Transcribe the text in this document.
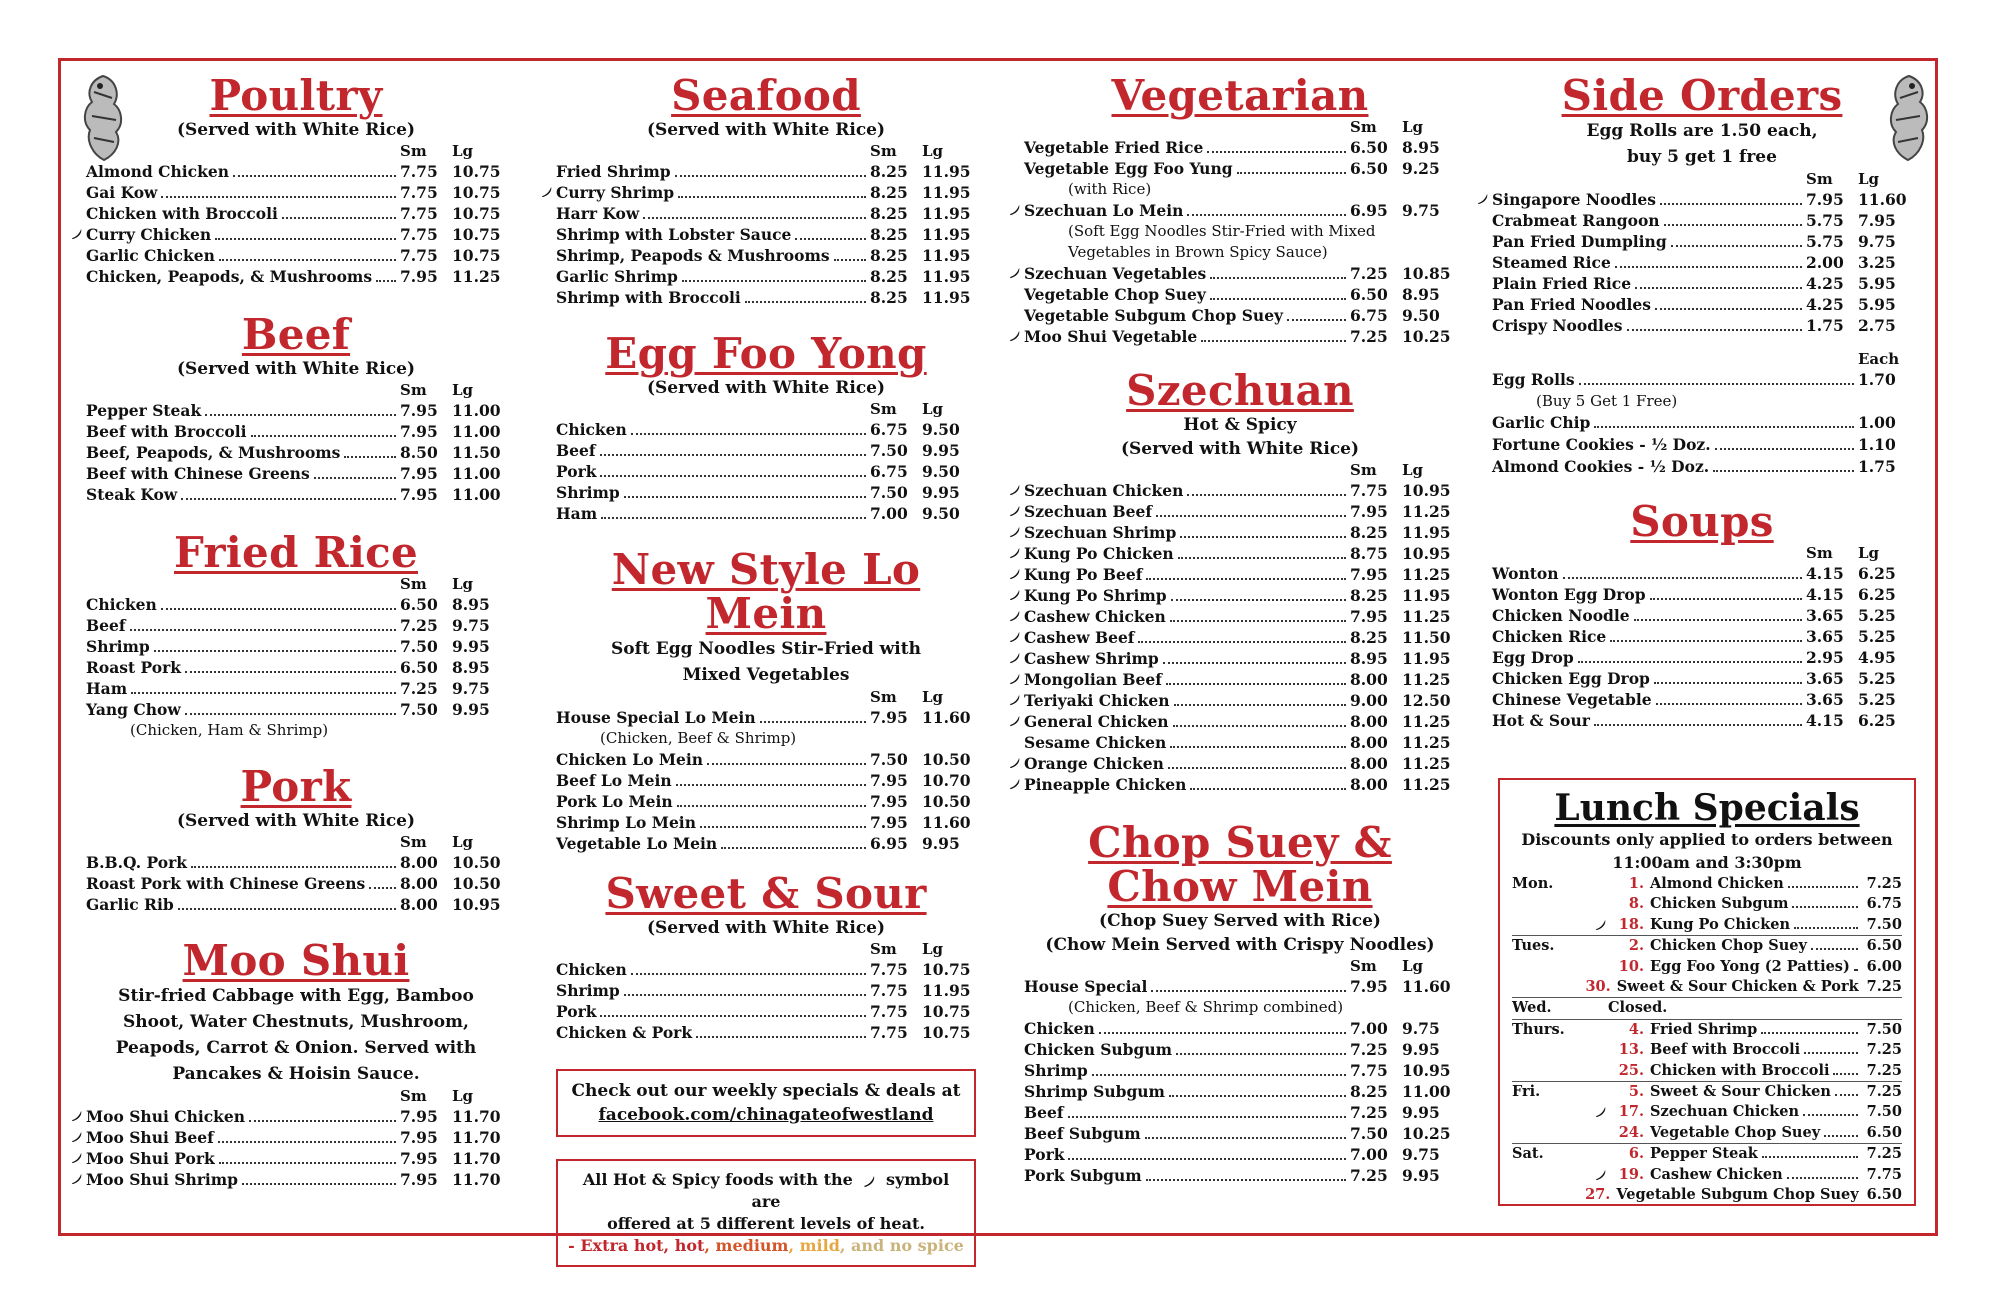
Poultry
(Served with White Rice)
Sm	Lg
Almond Chicken	7.75 10.75
Gai Kow	7.75 10.75
Chicken with Broccoli	7.75 10.75
Curry Chicken	7.75 10.75
Garlic Chicken	7.75 10.75
Chicken, Peapods, & Mushrooms 7.95 11.25
Beef
(Served with White Rice)
Sm	Lg
Pepper Steak	7.95 11.00
Beef with Broccoli	7.95 11.00
Beef, Peapods, & Mushrooms	8.50 11.50
Beef with Chinese Greens	7.95 11.00
Steak Kow	7.95 11.00
Fried Rice
Sm	Lg
Chicken	6.50 8.95
Beef	7.25 9.75
Shrimp	7.50 9.95
Roast Pork	6.50 8.95
Ham	7.25 9.75
Yang Chow	7.50 9.95
(Chicken, Ham & Shrimp)
Pork
(Served with White Rice)
Sm	Lg
B.B.Q. Pork	8.00 10.50
Roast Pork with Chinese Greens 8.00 10.50
Garlic Rib	8.00 10.95
Moo Shui
Stir-fried Cabbage with Egg, Bamboo Shoot, Water Chestnuts, Mushroom, Peapods, Carrot & Onion. Served with Pancakes & Hoisin Sauce.
Sm	Lg
Moo Shui Chicken	7.95 11.70
Moo Shui Beef	7.95 11.70
Moo Shui Pork	7.95 11.70
Moo Shui Shrimp	7.95 11.70
Seafood
(Served with White Rice)
Sm	Lg
Fried Shrimp	8.25 11.95
Curry Shrimp	8.25 11.95
Harr Kow	8.25 11.95
Shrimp with Lobster Sauce	8.25 11.95
Shrimp, Peapods & Mushrooms	8.25 11.95
Garlic Shrimp	8.25 11.95
Shrimp with Broccoli	8.25 11.95
Egg Foo Yong
(Served with White Rice)
Sm	Lg
Chicken	6.75 9.50
Beef	7.50 9.95
Pork	6.75 9.50
Shrimp	7.50 9.95
Ham	7.00 9.50
New Style Lo Mein
Soft Egg Noodles Stir-Fried with Mixed Vegetables
Sm	Lg
House Special Lo Mein	7.95 11.60
(Chicken, Beef & Shrimp)
Chicken Lo Mein	7.50 10.50
Beef Lo Mein	7.95 10.70
Pork Lo Mein	7.95 10.50
Shrimp Lo Mein	7.95 11.60
Vegetable Lo Mein	6.95 9.95
Sweet & Sour
(Served with White Rice)
Sm	Lg
Chicken	7.75 10.75
Shrimp	7.75 11.95
Pork	7.75 10.75
Chicken & Pork	7.75 10.75
Check out our weekly specials & deals at
facebook.com/chinagateofwestland
All Hot & Spicy foods with the symbol are
offered at 5 different levels of heat.
- Extra hot, hot, medium, mild, and no spice
Vegetarian
Sm	Lg
Vegetable Fried Rice	6.50 8.95
Vegetable Egg Foo Yung	6.50 9.25
(with Rice)
Szechuan Lo Mein	6.95 9.75
(Soft Egg Noodles Stir-Fried with Mixed Vegetables in Brown Spicy Sauce)
Szechuan Vegetables	7.25 10.85
Vegetable Chop Suey	6.50 8.95
Vegetable Subgum Chop Suey	6.75 9.50
Moo Shui Vegetable	7.25 10.25
Szechuan
Hot & Spicy
(Served with White Rice)
Sm	Lg
Szechuan Chicken	7.75 10.95
Szechuan Beef	7.95 11.25
Szechuan Shrimp	8.25 11.95
Kung Po Chicken	8.75 10.95
Kung Po Beef	7.95 11.25
Kung Po Shrimp	8.25 11.95
Cashew Chicken	7.95 11.25
Cashew Beef	8.25 11.50
Cashew Shrimp	8.95 11.95
Mongolian Beef	8.00 11.25
Teriyaki Chicken	9.00 12.50
General Chicken	8.00 11.25
Sesame Chicken	8.00 11.25
Orange Chicken	8.00 11.25
Pineapple Chicken	8.00 11.25
Chop Suey &
Chow Mein
(Chop Suey Served with Rice)
(Chow Mein Served with Crispy Noodles)
Sm	Lg
House Special	7.95 11.60
(Chicken, Beef & Shrimp combined)
Chicken	7.00 9.75
Chicken Subgum	7.25 9.95
Shrimp	7.75 10.95
Shrimp Subgum	8.25 11.00
Beef	7.25 9.95
Beef Subgum	7.50 10.25
Pork	7.00 9.75
Pork Subgum	7.25 9.95
Side Orders
Egg Rolls are 1.50 each,
buy 5 get 1 free
Sm	Lg
Singapore Noodles	7.95 11.60
Crabmeat Rangoon	5.75 7.95
Pan Fried Dumpling	5.75 9.75
Steamed Rice	2.00 3.25
Plain Fried Rice	4.25 5.95
Pan Fried Noodles	4.25 5.95
Crispy Noodles	1.75 2.75
Each
Egg Rolls	1.70
(Buy 5 Get 1 Free)
Garlic Chip	1.00
Fortune Cookies - ½ Doz.	1.10
Almond Cookies - ½ Doz.	1.75
Soups
Sm	Lg
Wonton	4.15 6.25
Wonton Egg Drop	4.15 6.25
Chicken Noodle	3.65 5.25
Chicken Rice	3.65 5.25
Egg Drop	2.95 4.95
Chicken Egg Drop	3.65 5.25
Chinese Vegetable	3.65 5.25
Hot & Sour	4.15 6.25
Lunch Specials
Discounts only applied to orders between
11:00am and 3:30pm
Mon.	1. Almond Chicken	7.25
8. Chicken Subgum	6.75
18. Kung Po Chicken	7.50
Tues.	2. Chicken Chop Suey	6.50
10. Egg Foo Yong (2 Patties)	6.00
30. Sweet & Sour Chicken & Pork 7.25
Wed.	Closed.
Thurs.	4. Fried Shrimp	7.50
13. Beef with Broccoli	7.25
25. Chicken with Broccoli	7.25
Fri.	5. Sweet & Sour Chicken	7.25
17. Szechuan Chicken	7.50
24. Vegetable Chop Suey	6.50
Sat.	6. Pepper Steak	7.25
19. Cashew Chicken	7.75
27. Vegetable Subgum Chop Suey 6.50
